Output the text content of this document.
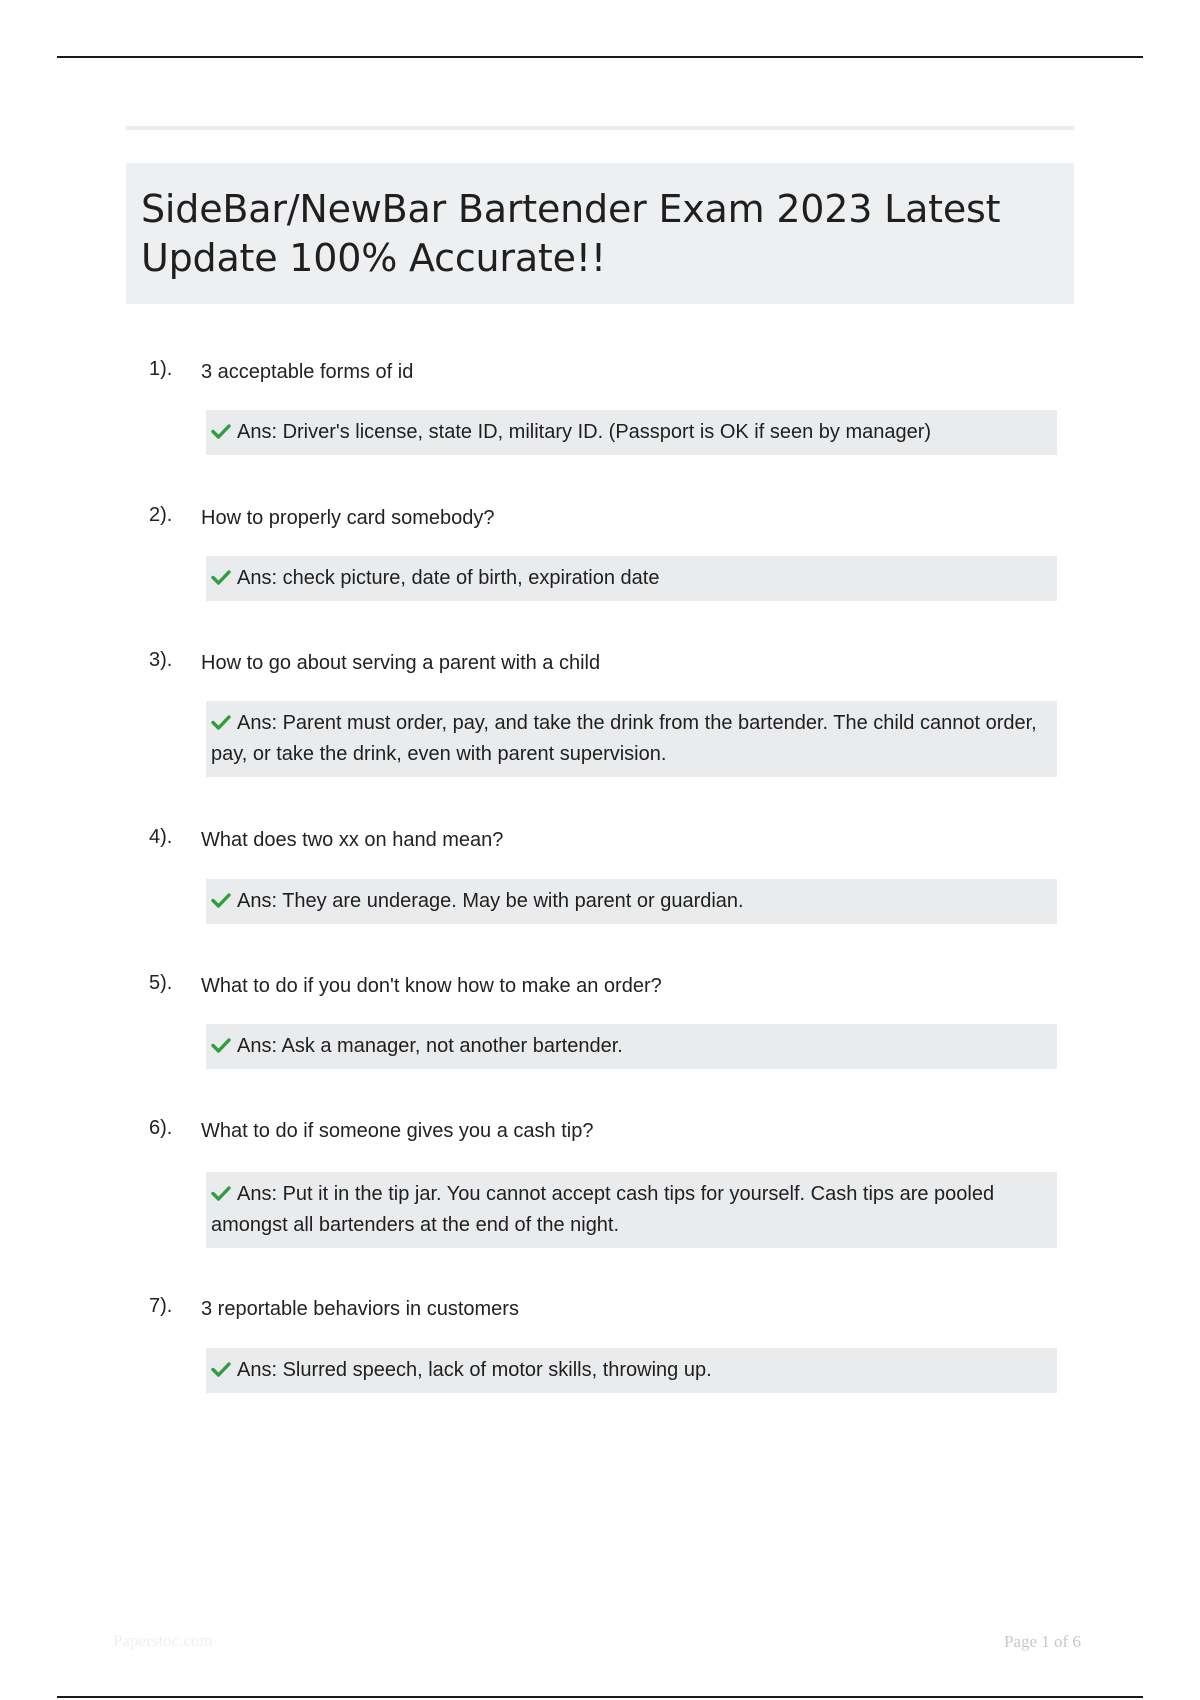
SideBar/NewBar Bartender Exam 2023 Latest Update 100% Accurate!!
1). 3 acceptable forms of id
Ans: Driver's license, state ID, military ID. (Passport is OK if seen by manager)
2). How to properly card somebody?
Ans: check picture, date of birth, expiration date
3). How to go about serving a parent with a child
Ans: Parent must order, pay, and take the drink from the bartender. The child cannot order, pay, or take the drink, even with parent supervision.
4). What does two xx on hand mean?
Ans: They are underage. May be with parent or guardian.
5). What to do if you don't know how to make an order?
Ans: Ask a manager, not another bartender.
6). What to do if someone gives you a cash tip?
Ans: Put it in the tip jar. You cannot accept cash tips for yourself. Cash tips are pooled amongst all bartenders at the end of the night.
7). 3 reportable behaviors in customers
Ans: Slurred speech, lack of motor skills, throwing up.
Paperstoc.com	Page 1 of 6
